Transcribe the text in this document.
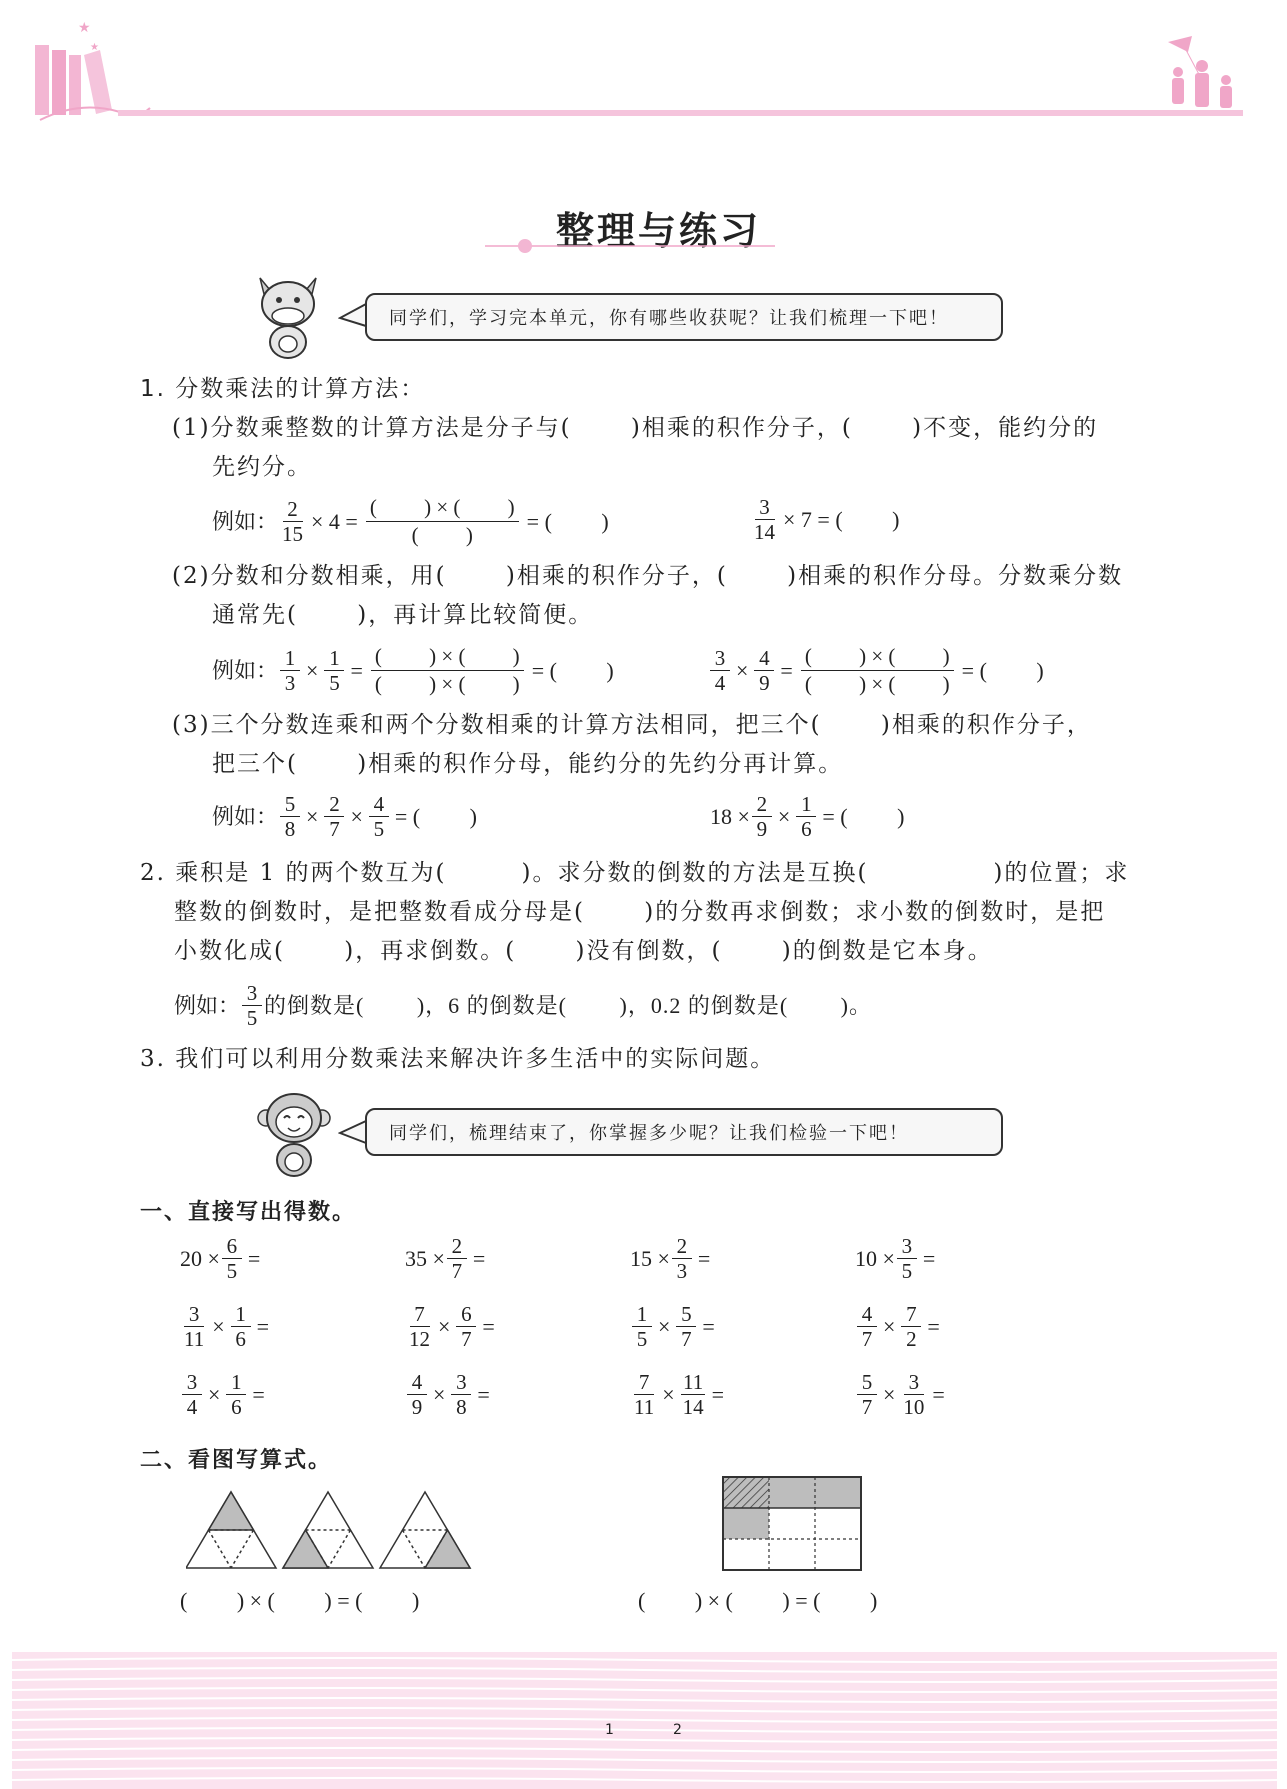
★
★
整理与练习
同学们，学习完本单元，你有哪些收获呢？让我们梳理一下吧！
1. 分数乘法的计算方法：
(1)分数乘整数的计算方法是分子与(　　 )相乘的积作分子，(　　 )不变，能约分的
先约分。
例如： $\frac{2}{15} \times 4$ =
(　　 ) × (　　 )
(　　 )
= (　　 )	$\frac{3}{14} \times 7$ = (　　 )
(2)分数和分数相乘，用(　　 )相乘的积作分子，(　　 )相乘的积作分母。分数乘分数
通常先(　　 )，再计算比较简便。
例如： $\frac{1}{3} \times \frac{1}{5}$ =
(　　 ) × (　　 )
(　　 ) × (　　 )
= (　　 )	$\frac{3}{4} \times \frac{4}{9}$ =
(　　 ) × (　　 )
(　　 ) × (　　 )
= (　　 )
(3)三个分数连乘和两个分数相乘的计算方法相同，把三个(　　 )相乘的积作分子，
把三个(　　 )相乘的积作分母，能约分的先约分再计算。
例如： $\frac{5}{8} \times \frac{2}{7} \times \frac{4}{5}$ = (　　 )	$18 \times \frac{2}{9} \times \frac{1}{6}$ = (　　 )
2. 乘积是 1 的两个数互为(　　　)。求分数的倒数的方法是互换(　　　　　)的位置；求
整数的倒数时，是把整数看成分母是(　　 )的分数再求倒数；求小数的倒数时，是把
小数化成(　　 )，再求倒数。(　　 )没有倒数，(　　 )的倒数是它本身。
例如： $\frac{3}{5}$ 的倒数是(　　 )，6 的倒数是(　　 )，0.2 的倒数是(　　 )。
3. 我们可以利用分数乘法来解决许多生活中的实际问题。
同学们，梳理结束了，你掌握多少呢？让我们检验一下吧！
一、直接写出得数。
$20 \times \frac{6}{5}$ =	$35 \times \frac{2}{7}$ =	$15 \times \frac{2}{3}$ =	$10 \times \frac{3}{5}$ =
$\frac{3}{11} \times \frac{1}{6}$ =	$\frac{7}{12} \times \frac{6}{7}$ =	$\frac{1}{5} \times \frac{5}{7}$ =	$\frac{4}{7} \times \frac{7}{2}$ =
$\frac{3}{4} \times \frac{1}{6}$ =	$\frac{4}{9} \times \frac{3}{8}$ =	$\frac{7}{11} \times \frac{11}{14}$ =	$\frac{5}{7} \times \frac{3}{10}$ =
二、看图写算式。
(　　 ) × (　　 ) = (　　 )	(　　 ) × (　　 ) = (　　 )
1	2
